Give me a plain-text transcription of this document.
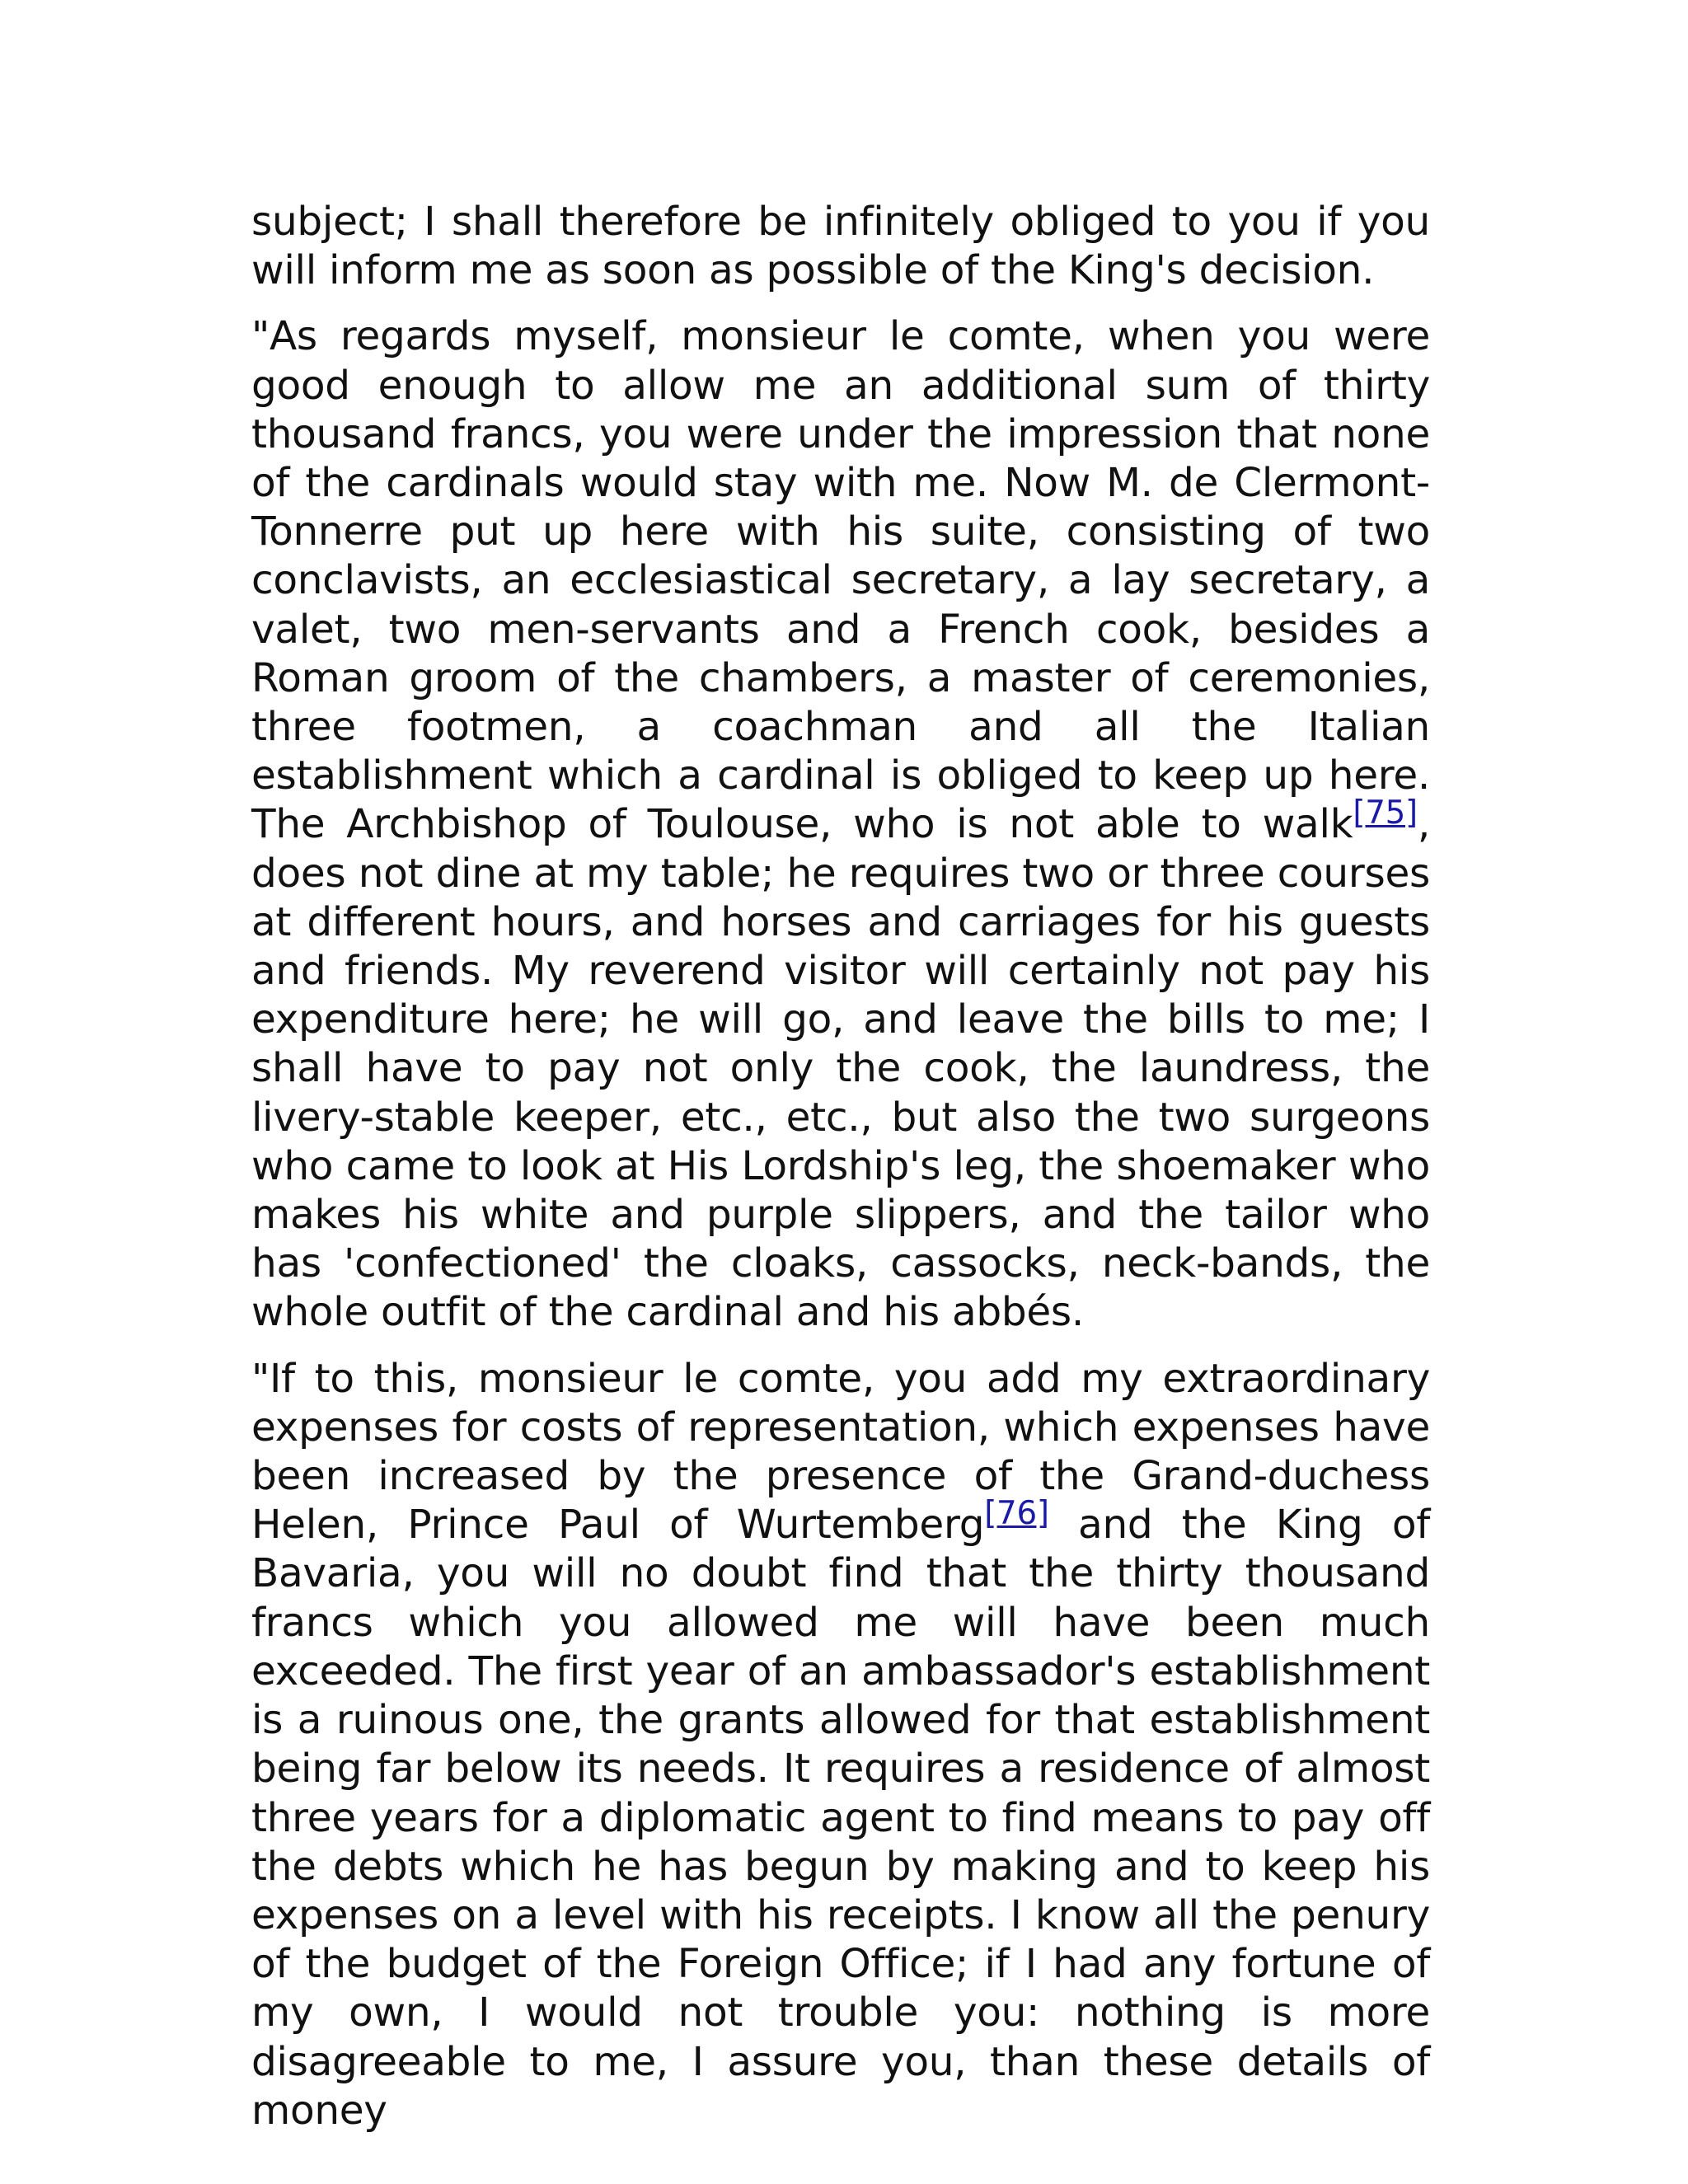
subject; I shall therefore be infinitely obliged to you if you will inform me as soon as possible of the King's decision.

"As regards myself, monsieur le comte, when you were good enough to allow me an additional sum of thirty thousand francs, you were under the impression that none of the cardinals would stay with me. Now M. de Clermont-Tonnerre put up here with his suite, consisting of two conclavists, an ecclesiastical secretary, a lay secretary, a valet, two men-servants and a French cook, besides a Roman groom of the chambers, a master of ceremonies, three footmen, a coachman and all the Italian establishment which a cardinal is obliged to keep up here. The Archbishop of Toulouse, who is not able to walk[75], does not dine at my table; he requires two or three courses at different hours, and horses and carriages for his guests and friends. My reverend visitor will certainly not pay his expenditure here; he will go, and leave the bills to me; I shall have to pay not only the cook, the laundress, the livery-stable keeper, etc., etc., but also the two surgeons who came to look at His Lordship's leg, the shoemaker who makes his white and purple slippers, and the tailor who has 'confectioned' the cloaks, cassocks, neck-bands, the whole outfit of the cardinal and his abbés.

"If to this, monsieur le comte, you add my extraordinary expenses for costs of representation, which expenses have been increased by the presence of the Grand-duchess Helen, Prince Paul of Wurtemberg[76] and the King of Bavaria, you will no doubt find that the thirty thousand francs which you allowed me will have been much exceeded. The first year of an ambassador's establishment is a ruinous one, the grants allowed for that establishment being far below its needs. It requires a residence of almost three years for a diplomatic agent to find means to pay off the debts which he has begun by making and to keep his expenses on a level with his receipts. I know all the penury of the budget of the Foreign Office; if I had any fortune of my own, I would not trouble you: nothing is more disagreeable to me, I assure you, than these details of money
